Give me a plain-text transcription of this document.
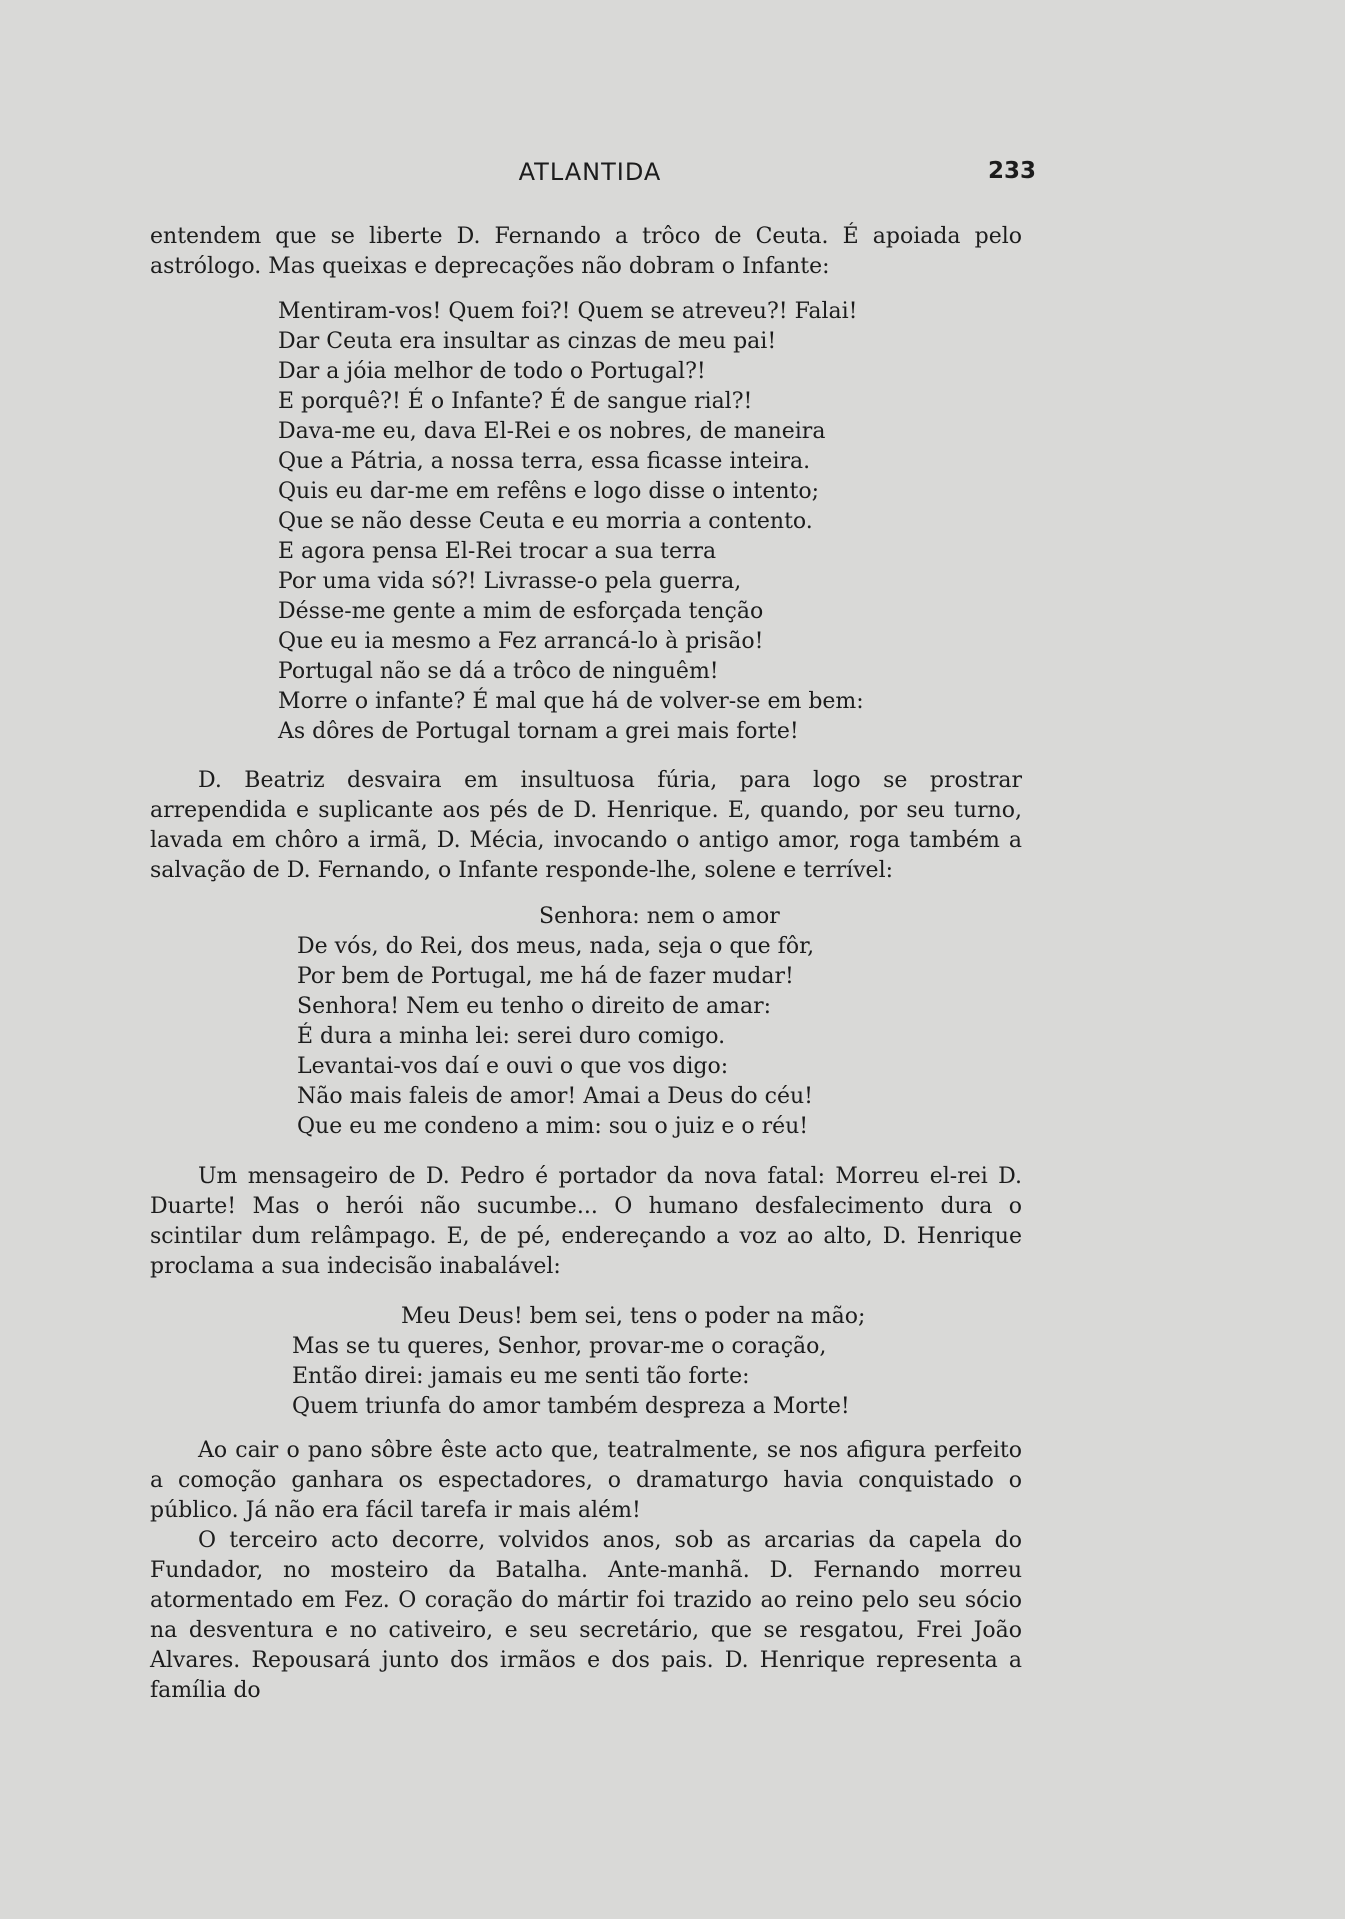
ATLANTIDA	233

entendem que se liberte D. Fernando a trôco de Ceuta. É apoiada pelo astrólogo. Mas queixas e deprecações não dobram o Infante:

Mentiram-vos! Quem foi?! Quem se atreveu?! Falai!
Dar Ceuta era insultar as cinzas de meu pai!
Dar a jóia melhor de todo o Portugal?!
E porquê?! É o Infante? É de sangue rial?!
Dava-me eu, dava El-Rei e os nobres, de maneira
Que a Pátria, a nossa terra, essa ficasse inteira.
Quis eu dar-me em refêns e logo disse o intento;
Que se não desse Ceuta e eu morria a contento.
E agora pensa El-Rei trocar a sua terra
Por uma vida só?! Livrasse-o pela guerra,
Désse-me gente a mim de esforçada tenção
Que eu ia mesmo a Fez arrancá-lo à prisão!
Portugal não se dá a trôco de ninguêm!
Morre o infante? É mal que há de volver-se em bem:
As dôres de Portugal tornam a grei mais forte!

D. Beatriz desvaira em insultuosa fúria, para logo se prostrar arrependida e suplicante aos pés de D. Henrique. E, quando, por seu turno, lavada em chôro a irmã, D. Mécia, invocando o antigo amor, roga também a salvação de D. Fernando, o Infante responde-lhe, solene e terrível:

Senhora: nem o amor
De vós, do Rei, dos meus, nada, seja o que fôr,
Por bem de Portugal, me há de fazer mudar!
Senhora! Nem eu tenho o direito de amar:
É dura a minha lei: serei duro comigo.
Levantai-vos daí e ouvi o que vos digo:
Não mais faleis de amor! Amai a Deus do céu!
Que eu me condeno a mim: sou o juiz e o réu!

Um mensageiro de D. Pedro é portador da nova fatal: Morreu el-rei D. Duarte! Mas o herói não sucumbe... O humano desfalecimento dura o scintilar dum relâmpago. E, de pé, endereçando a voz ao alto, D. Henrique proclama a sua indecisão inabalável:

Meu Deus! bem sei, tens o poder na mão;
Mas se tu queres, Senhor, provar-me o coração,
Então direi: jamais eu me senti tão forte:
Quem triunfa do amor também despreza a Morte!

Ao cair o pano sôbre êste acto que, teatralmente, se nos afigura perfeito a comoção ganhara os espectadores, o dramaturgo havia conquistado o público. Já não era fácil tarefa ir mais além!

O terceiro acto decorre, volvidos anos, sob as arcarias da capela do Fundador, no mosteiro da Batalha. Ante-manhã. D. Fernando morreu atormentado em Fez. O coração do mártir foi trazido ao reino pelo seu sócio na desventura e no cativeiro, e seu secretário, que se resgatou, Frei João Alvares. Repousará junto dos irmãos e dos pais. D. Henrique representa a família do
